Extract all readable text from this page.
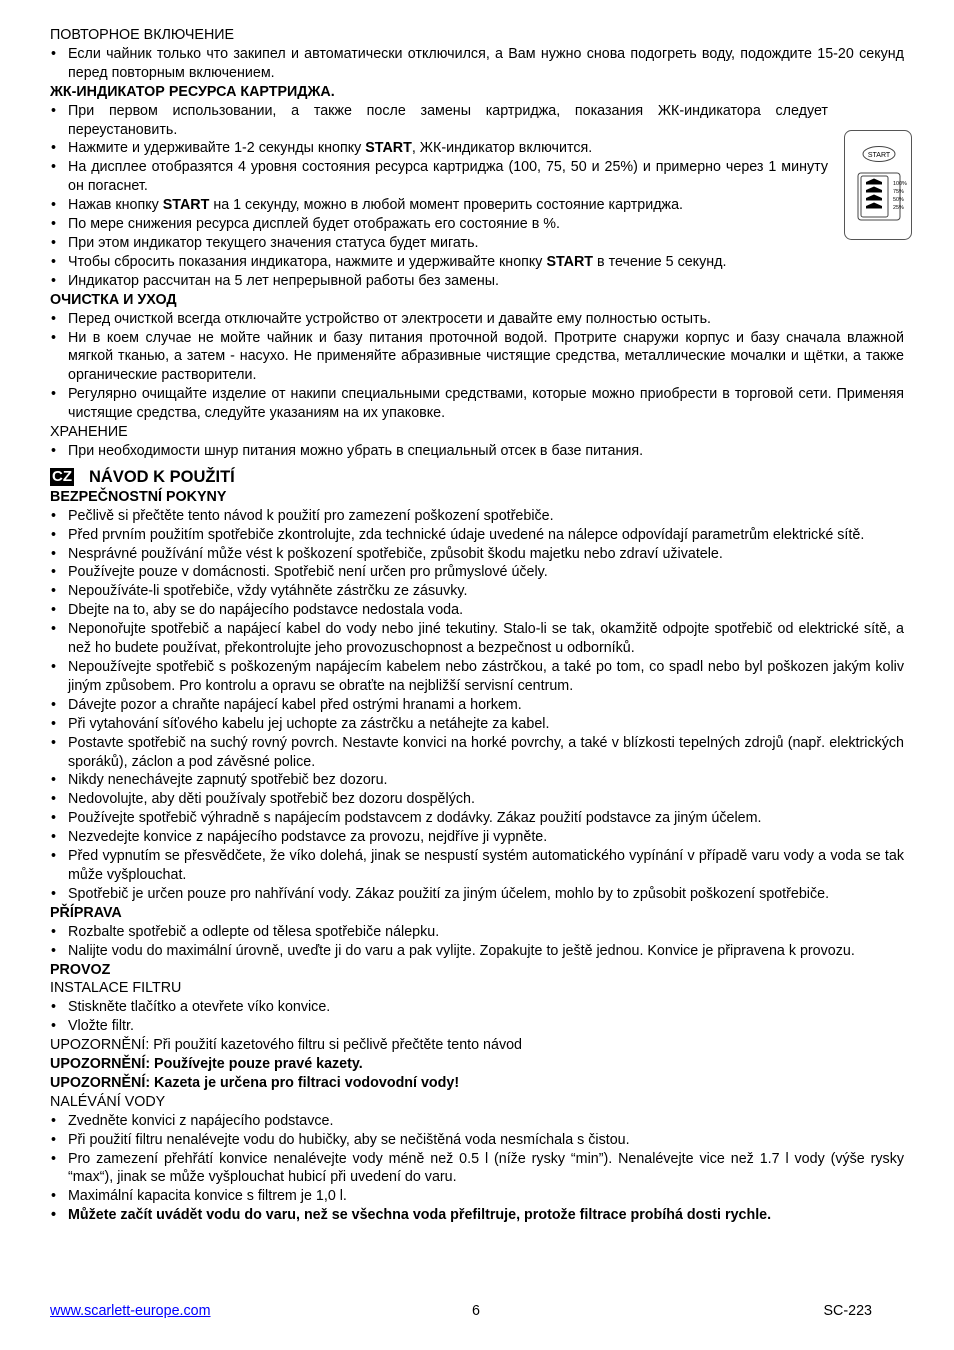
ПОВТОРНОЕ ВКЛЮЧЕНИЕ

• Если чайник только что закипел и автоматически отключился, а Вам нужно снова подогреть воду, подождите 15-20 секунд перед повторным включением.

ЖК-ИНДИКАТОР РЕСУРСА КАРТРИДЖА.

• При первом использовании, а также после замены картриджа, показания ЖК-индикатора следует переустановить.
• Нажмите и удерживайте 1-2 секунды кнопку START, ЖК-индикатор включится.
• На дисплее отобразятся 4 уровня состояния ресурса картриджа (100, 75, 50 и 25%) и примерно через 1 минуту он погаснет.
• Нажав кнопку START на 1 секунду, можно в любой момент проверить состояние картриджа.
• По мере снижения ресурса дисплей будет отображать его состояние в %.
• При этом индикатор текущего значения статуса будет мигать.
• Чтобы сбросить показания индикатора, нажмите и удерживайте кнопку START в течение 5 секунд.
• Индикатор рассчитан на 5 лет непрерывной работы без замены.

ОЧИСТКА И УХОД

• Перед очисткой всегда отключайте устройство от электросети и давайте ему полностью остыть.
• Ни в коем случае не мойте чайник и базу питания проточной водой. Протрите снаружи корпус и базу сначала влажной мягкой тканью, а затем - насухо. Не применяйте абразивные чистящие средства, металлические мочалки и щётки, а также органические растворители.
• Регулярно очищайте изделие от накипи специальными средствами, которые можно приобрести в торговой сети. Применяя чистящие средства, следуйте указаниям на их упаковке.

ХРАНЕНИЕ

• При необходимости шнур питания можно убрать в специальный отсек в базе питания.
CZ NÁVOD K POUŽITÍ

BEZPEČNOSTNÍ POKYNY

• Pečlivě si přečtěte tento návod k použití pro zamezení poškození spotřebiče.
• Před prvním použitím spotřebiče zkontrolujte, zda technické údaje uvedené na nálepce odpovídají parametrům elektrické sítě.
• Nesprávné používání může vést k poškození spotřebiče, způsobit škodu majetku nebo zdraví uživatele.
• Používejte pouze v domácnosti. Spotřebič není určen pro průmyslové účely.
• Nepoužíváte-li spotřebiče, vždy vytáhněte zástrčku ze zásuvky.
• Dbejte na to, aby se do napájecího podstavce nedostala voda.
• Neponořujte spotřebič a napájecí kabel do vody nebo jiné tekutiny. Stalo-li se tak, okamžitě odpojte spotřebič od elektrické sítě, a než ho budete používat, překontrolujte jeho provozuschopnost a bezpečnost u odborníků.
• Nepoužívejte spotřebič s poškozeným napájecím kabelem nebo zástrčkou, a také po tom, co spadl nebo byl poškozen jakým koliv jiným způsobem. Pro kontrolu a opravu se obraťte na nejbližší servisní centrum.
• Dávejte pozor a chraňte napájecí kabel před ostrými hranami a horkem.
• Při vytahování síťového kabelu jej uchopte za zástrčku a netáhejte za kabel.
• Postavte spotřebič na suchý rovný povrch. Nestavte konvici na horké povrchy, a také v blízkosti tepelných zdrojů (např. elektrických sporáků), záclon a pod závěsné police.
• Nikdy nenechávejte zapnutý spotřebič bez dozoru.
• Nedovolujte, aby děti používaly spotřebič bez dozoru dospělých.
• Používejte spotřebič výhradně s napájecím podstavcem z dodávky. Zákaz použití podstavce za jiným účelem.
• Nezvedejte konvice z napájecího podstavce za provozu, nejdříve ji vypněte.
• Před vypnutím se přesvědčete, že víko dolehá, jinak se nespustí systém automatického vypínání v případě varu vody a voda se tak může vyšplouchat.
• Spotřebič je určen pouze pro nahřívání vody. Zákaz použití za jiným účelem, mohlo by to způsobit poškození spotřebiče.

PŘÍPRAVA

• Rozbalte spotřebič a odlepte od tělesa spotřebiče nálepku.
• Nalijte vodu do maximální úrovně, uveďte ji do varu a pak vylijte. Zopakujte to ještě jednou. Konvice je připravena k provozu.

PROVOZ

INSTALACE FILTRU

• Stiskněte tlačítko a otevřete víko konvice.
• Vložte filtr.

UPOZORNĚNÍ: Při použití kazetového filtru si pečlivě přečtěte tento návod

UPOZORNĚNÍ: Používejte pouze pravé kazety.

UPOZORNĚNÍ: Kazeta je určena pro filtraci vodovodní vody!

NALÉVÁNÍ VODY

• Zvedněte konvici z napájecího podstavce.
• Při použití filtru nenalévejte vodu do hubičky, aby se nečištěná voda nesmíchala s čistou.
• Pro zamezení přehřátí konvice nenalévejte vody méně než 0.5 l (níže rysky “min”). Nenalévejte vice než 1.7 l vody (výše rysky “max“), jinak se může vyšplouchat hubicí při uvedení do varu.
• Maximální kapacita konvice s filtrem je 1,0 l.
• Můžete začít uvádět vodu do varu, než se všechna voda přefiltruje, protože filtrace probíhá dosti rychle.
START
100%
75%
50%
25%
www.scarlett-europe.com	6	SC-223
